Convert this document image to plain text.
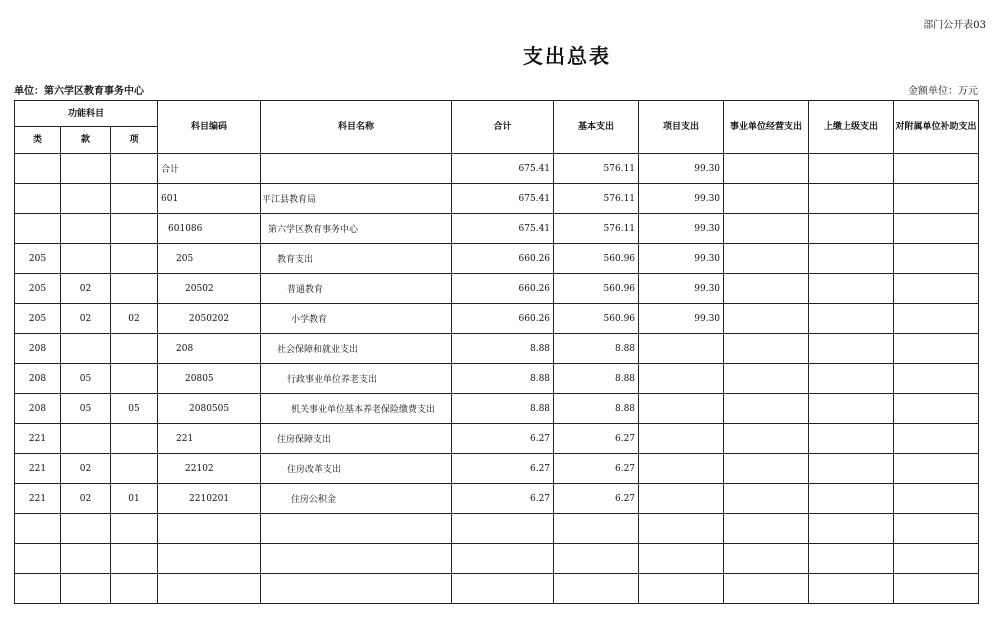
部门公开表03
支出总表
单位：第六学区教育事务中心	金额单位：万元
功能科目			科目编码	科目名称	合计	基本支出	项目支出	事业单位经营支出	上缴上级支出	对附属单位补助支出
类	款	项								
			合计		675.41	576.11	99.30			
			601	平江县教育局	675.41	576.11	99.30			
			601086	第六学区教育事务中心	675.41	576.11	99.30			
205			205	教育支出	660.26	560.96	99.30			
205	02		20502	普通教育	660.26	560.96	99.30			
205	02	02	2050202	小学教育	660.26	560.96	99.30			
208			208	社会保障和就业支出	8.88	8.88				
208	05		20805	行政事业单位养老支出	8.88	8.88				
208	05	05	2080505	机关事业单位基本养老保险缴费支出	8.88	8.88				
221			221	住房保障支出	6.27	6.27				
221	02		22102	住房改革支出	6.27	6.27				
221	02	01	2210201	住房公积金	6.27	6.27				
